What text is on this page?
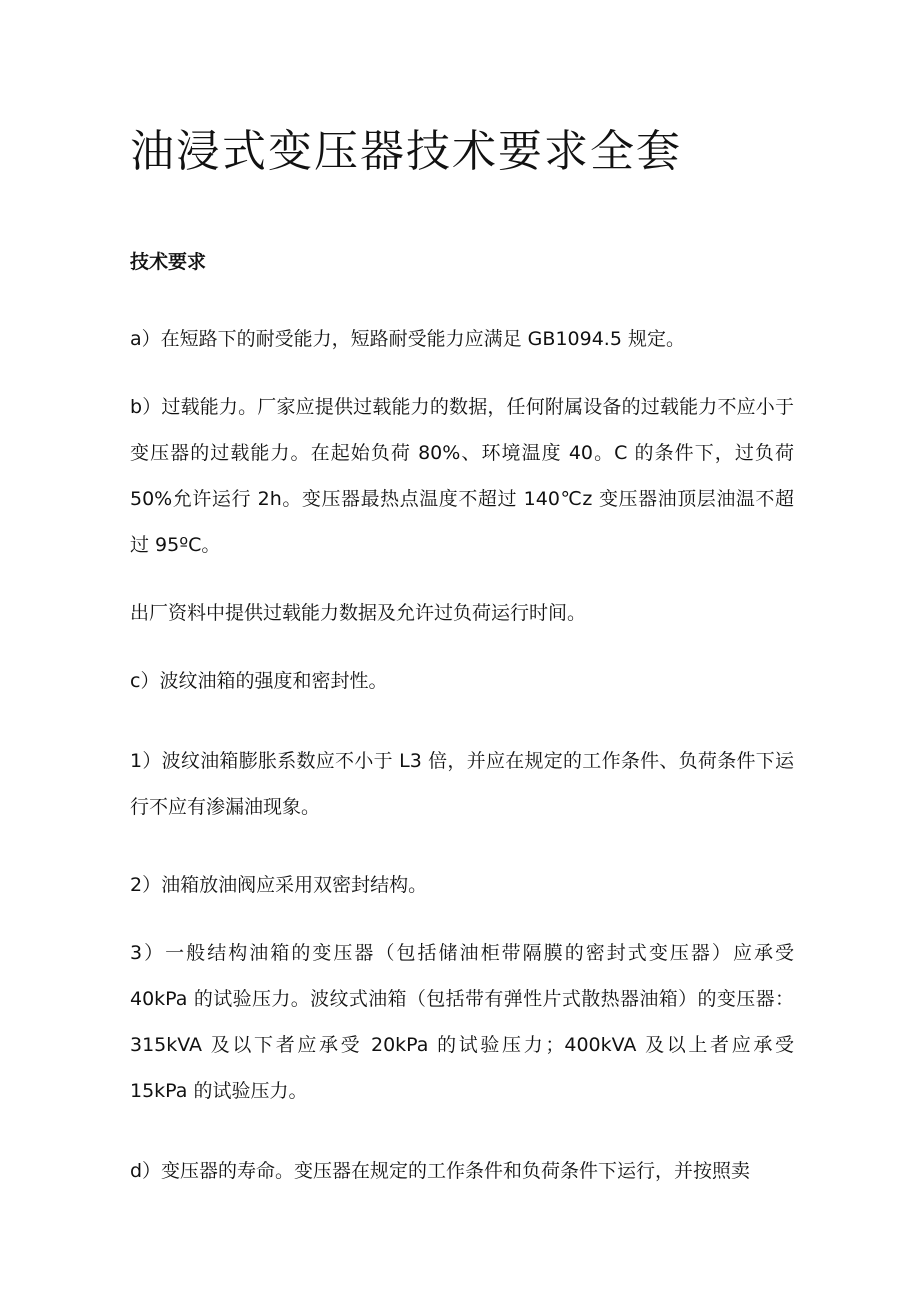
油浸式变压器技术要求全套
技术要求

a）在短路下的耐受能力，短路耐受能力应满足 GB1094.5 规定。

b）过载能力。厂家应提供过载能力的数据，任何附属设备的过载能力不应小于变压器的过载能力。在起始负荷 80%、环境温度 40。C 的条件下，过负荷 50%允许运行 2h。变压器最热点温度不超过 140℃z 变压器油顶层油温不超过 95ºC。

出厂资料中提供过载能力数据及允许过负荷运行时间。

c）波纹油箱的强度和密封性。

1）波纹油箱膨胀系数应不小于 L3 倍，并应在规定的工作条件、负荷条件下运行不应有渗漏油现象。

2）油箱放油阀应采用双密封结构。

3）一般结构油箱的变压器（包括储油柜带隔膜的密封式变压器）应承受 40kPa 的试验压力。波纹式油箱（包括带有弹性片式散热器油箱）的变压器：315kVA 及以下者应承受 20kPa 的试验压力；400kVA 及以上者应承受 15kPa 的试验压力。

d）变压器的寿命。变压器在规定的工作条件和负荷条件下运行，并按照卖
